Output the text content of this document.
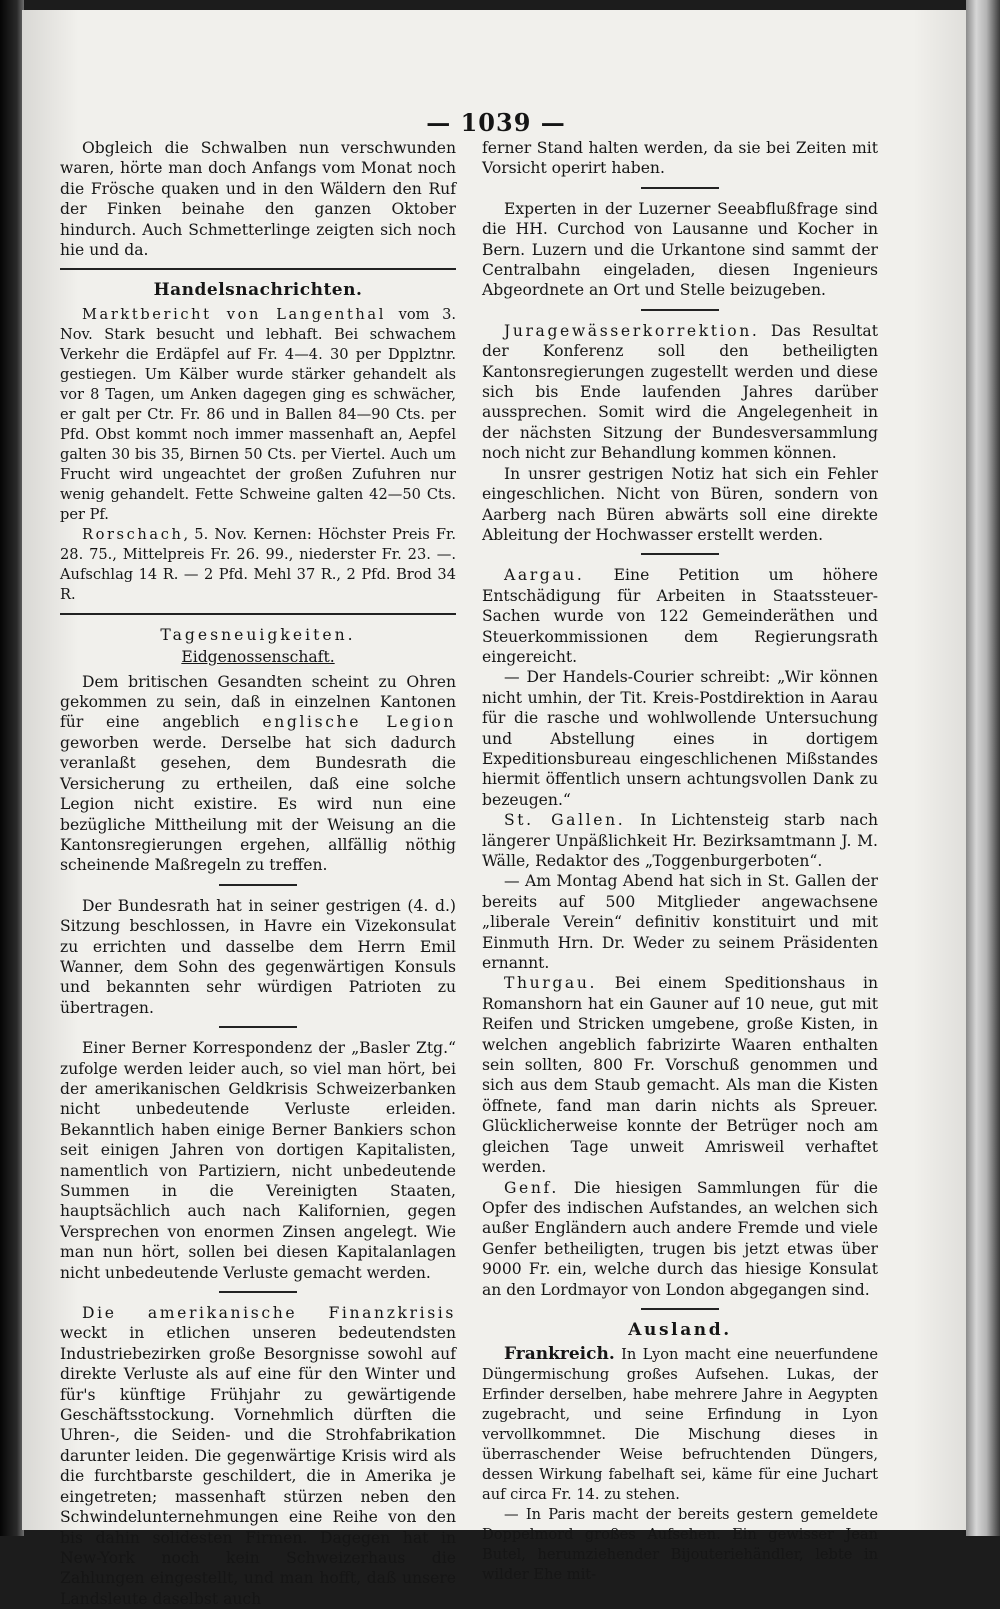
— 1039 —

Obgleich die Schwalben nun verschwunden waren, hörte man doch Anfangs vom Monat noch die Frösche quaken und in den Wäldern den Ruf der Finken beinahe den ganzen Oktober hindurch. Auch Schmetterlinge zeigten sich noch hie und da.

Handelsnachrichten.

Marktbericht von Langenthal vom 3. Nov. Stark besucht und lebhaft. Bei schwachem Verkehr die Erdäpfel auf Fr. 4—4. 30 per Dpplztnr. gestiegen. Um Kälber wurde stärker gehandelt als vor 8 Tagen, um Anken dagegen ging es schwächer, er galt per Ctr. Fr. 86 und in Ballen 84—90 Cts. per Pfd. Obst kommt noch immer massenhaft an, Aepfel galten 30 bis 35, Birnen 50 Cts. per Viertel. Auch um Frucht wird ungeachtet der großen Zufuhren nur wenig gehandelt. Fette Schweine galten 42—50 Cts. per Pf.

Rorschach, 5. Nov. Kernen: Höchster Preis Fr. 28. 75., Mittelpreis Fr. 26. 99., niederster Fr. 23. —. Aufschlag 14 R. — 2 Pfd. Mehl 37 R., 2 Pfd. Brod 34 R.

Tagesneuigkeiten.
Eidgenossenschaft.

Dem britischen Gesandten scheint zu Ohren gekommen zu sein, daß in einzelnen Kantonen für eine angeblich englische Legion geworben werde. Derselbe hat sich dadurch veranlaßt gesehen, dem Bundesrath die Versicherung zu ertheilen, daß eine solche Legion nicht existire. Es wird nun eine bezügliche Mittheilung mit der Weisung an die Kantonsregierungen ergehen, allfällig nöthig scheinende Maßregeln zu treffen.

Der Bundesrath hat in seiner gestrigen (4. d.) Sitzung beschlossen, in Havre ein Vizekonsulat zu errichten und dasselbe dem Herrn Emil Wanner, dem Sohn des gegenwärtigen Konsuls und bekannten sehr würdigen Patrioten zu übertragen.

Einer Berner Korrespondenz der „Basler Ztg.“ zufolge werden leider auch, so viel man hört, bei der amerikanischen Geldkrisis Schweizerbanken nicht unbedeutende Verluste erleiden. Bekanntlich haben einige Berner Bankiers schon seit einigen Jahren von dortigen Kapitalisten, namentlich von Partiziern, nicht unbedeutende Summen in die Vereinigten Staaten, hauptsächlich auch nach Kalifornien, gegen Versprechen von enormen Zinsen angelegt. Wie man nun hört, sollen bei diesen Kapitalanlagen nicht unbedeutende Verluste gemacht werden.

Die amerikanische Finanzkrisis weckt in etlichen unseren bedeutendsten Industriebezirken große Besorgnisse sowohl auf direkte Verluste als auf eine für den Winter und für's künftige Frühjahr zu gewärtigende Geschäftsstockung. Vornehmlich dürften die Uhren-, die Seiden- und die Strohfabrikation darunter leiden. Die gegenwärtige Krisis wird als die furchtbarste geschildert, die in Amerika je eingetreten; massenhaft stürzen neben den Schwindelunternehmungen eine Reihe von den bis dahin solidesten Firmen. Dagegen hat in New-York noch kein Schweizerhaus die Zahlungen eingestellt, und man hofft, daß unsere Landsleute daselbst auch

ferner Stand halten werden, da sie bei Zeiten mit Vorsicht operirt haben.

Experten in der Luzerner Seeabflußfrage sind die HH. Curchod von Lausanne und Kocher in Bern. Luzern und die Urkantone sind sammt der Centralbahn eingeladen, diesen Ingenieurs Abgeordnete an Ort und Stelle beizugeben.

Juragewässerkorrektion. Das Resultat der Konferenz soll den betheiligten Kantonsregierungen zugestellt werden und diese sich bis Ende laufenden Jahres darüber aussprechen. Somit wird die Angelegenheit in der nächsten Sitzung der Bundesversammlung noch nicht zur Behandlung kommen können.

In unsrer gestrigen Notiz hat sich ein Fehler eingeschlichen. Nicht von Büren, sondern von Aarberg nach Büren abwärts soll eine direkte Ableitung der Hochwasser erstellt werden.

Aargau. Eine Petition um höhere Entschädigung für Arbeiten in Staatssteuer-Sachen wurde von 122 Gemeinderäthen und Steuerkommissionen dem Regierungsrath eingereicht.

— Der Handels-Courier schreibt: „Wir können nicht umhin, der Tit. Kreis-Postdirektion in Aarau für die rasche und wohlwollende Untersuchung und Abstellung eines in dortigem Expeditionsbureau eingeschlichenen Mißstandes hiermit öffentlich unsern achtungsvollen Dank zu bezeugen.“

St. Gallen. In Lichtensteig starb nach längerer Unpäßlichkeit Hr. Bezirksamtmann J. M. Wälle, Redaktor des „Toggenburgerboten“.

— Am Montag Abend hat sich in St. Gallen der bereits auf 500 Mitglieder angewachsene „liberale Verein“ definitiv konstituirt und mit Einmuth Hrn. Dr. Weder zu seinem Präsidenten ernannt.

Thurgau. Bei einem Speditionshaus in Romanshorn hat ein Gauner auf 10 neue, gut mit Reifen und Stricken umgebene, große Kisten, in welchen angeblich fabrizirte Waaren enthalten sein sollten, 800 Fr. Vorschuß genommen und sich aus dem Staub gemacht. Als man die Kisten öffnete, fand man darin nichts als Spreuer. Glücklicherweise konnte der Betrüger noch am gleichen Tage unweit Amrisweil verhaftet werden.

Genf. Die hiesigen Sammlungen für die Opfer des indischen Aufstandes, an welchen sich außer Engländern auch andere Fremde und viele Genfer betheiligten, trugen bis jetzt etwas über 9000 Fr. ein, welche durch das hiesige Konsulat an den Lordmayor von London abgegangen sind.

Ausland.

Frankreich. In Lyon macht eine neuerfundene Düngermischung großes Aufsehen. Lukas, der Erfinder derselben, habe mehrere Jahre in Aegypten zugebracht, und seine Erfindung in Lyon vervollkommnet. Die Mischung dieses in überraschender Weise befruchtenden Düngers, dessen Wirkung fabelhaft sei, käme für eine Juchart auf circa Fr. 14. zu stehen.

— In Paris macht der bereits gestern gemeldete Doppelmord großes Aufsehen. Ein gewisser Jean Butel, herumziehender Bijouteriehändler, lebte in wilder Ehe mit-
